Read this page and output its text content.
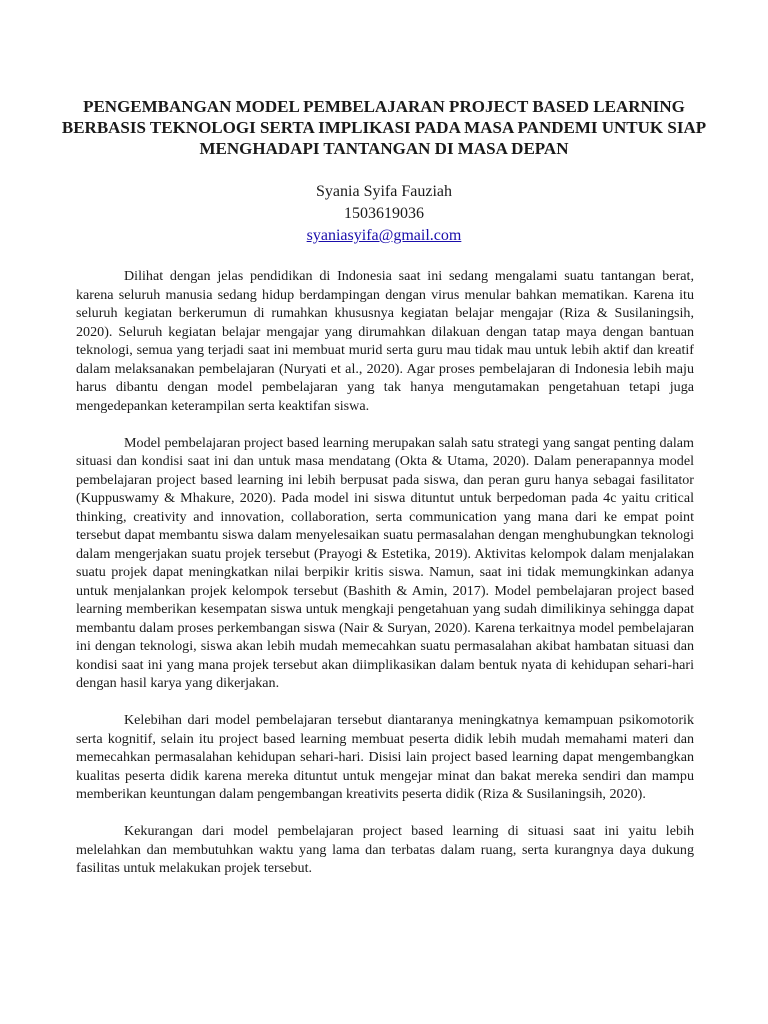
PENGEMBANGAN MODEL PEMBELAJARAN PROJECT BASED LEARNING BERBASIS TEKNOLOGI SERTA IMPLIKASI PADA MASA PANDEMI UNTUK SIAP MENGHADAPI TANTANGAN DI MASA DEPAN
Syania Syifa Fauziah
1503619036
syaniasyifa@gmail.com

Dilihat dengan jelas pendidikan di Indonesia saat ini sedang mengalami suatu tantangan berat, karena seluruh manusia sedang hidup berdampingan dengan virus menular bahkan mematikan. Karena itu seluruh kegiatan berkerumun di rumahkan khususnya kegiatan belajar mengajar (Riza & Susilaningsih, 2020). Seluruh kegiatan belajar mengajar yang dirumahkan dilakuan dengan tatap maya dengan bantuan teknologi, semua yang terjadi saat ini membuat murid serta guru mau tidak mau untuk lebih aktif dan kreatif dalam melaksanakan pembelajaran (Nuryati et al., 2020). Agar proses pembelajaran di Indonesia lebih maju harus dibantu dengan model pembelajaran yang tak hanya mengutamakan pengetahuan tetapi juga mengedepankan keterampilan serta keaktifan siswa.

Model pembelajaran project based learning merupakan salah satu strategi yang sangat penting dalam situasi dan kondisi saat ini dan untuk masa mendatang (Okta & Utama, 2020). Dalam penerapannya model pembelajaran project based learning ini lebih berpusat pada siswa, dan peran guru hanya sebagai fasilitator (Kuppuswamy & Mhakure, 2020). Pada model ini siswa dituntut untuk berpedoman pada 4c yaitu critical thinking, creativity and innovation, collaboration, serta communication yang mana dari ke empat point tersebut dapat membantu siswa dalam menyelesaikan suatu permasalahan dengan menghubungkan teknologi dalam mengerjakan suatu projek tersebut (Prayogi & Estetika, 2019). Aktivitas kelompok dalam menjalakan suatu projek dapat meningkatkan nilai berpikir kritis siswa. Namun, saat ini tidak memungkinkan adanya untuk menjalankan projek kelompok tersebut (Bashith & Amin, 2017). Model pembelajaran project based learning memberikan kesempatan siswa untuk mengkaji pengetahuan yang sudah dimilikinya sehingga dapat membantu dalam proses perkembangan siswa (Nair & Suryan, 2020). Karena terkaitnya model pembelajaran ini dengan teknologi, siswa akan lebih mudah memecahkan suatu permasalahan akibat hambatan situasi dan kondisi saat ini yang mana projek tersebut akan diimplikasikan dalam bentuk nyata di kehidupan sehari-hari dengan hasil karya yang dikerjakan.

Kelebihan dari model pembelajaran tersebut diantaranya meningkatnya kemampuan psikomotorik serta kognitif, selain itu project based learning membuat peserta didik lebih mudah memahami materi dan memecahkan permasalahan kehidupan sehari-hari. Disisi lain project based learning dapat mengembangkan kualitas peserta didik karena mereka dituntut untuk mengejar minat dan bakat mereka sendiri dan mampu memberikan keuntungan dalam pengembangan kreativits peserta didik (Riza & Susilaningsih, 2020).

Kekurangan dari model pembelajaran project based learning di situasi saat ini yaitu lebih melelahkan dan membutuhkan waktu yang lama dan terbatas dalam ruang, serta kurangnya daya dukung fasilitas untuk melakukan projek tersebut.
